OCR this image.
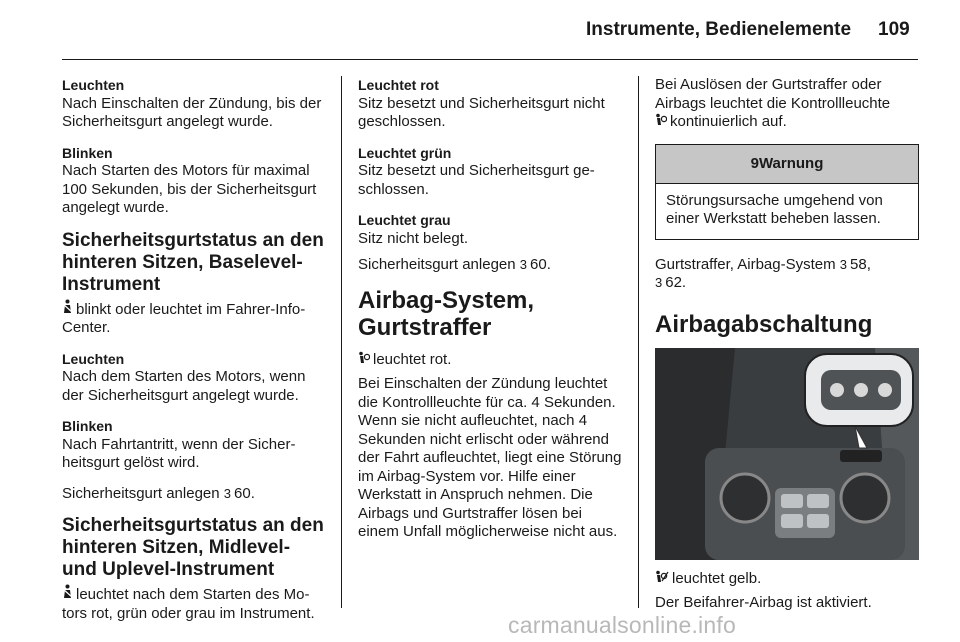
Instrumente, Bedienelemente 109
Leuchten
Nach Einschalten der Zündung, bis der Sicherheitsgurt angelegt wurde.
Blinken
Nach Starten des Motors für maximal 100 Sekunden, bis der Sicherheitsgurt angelegt wurde.
Sicherheitsgurtstatus an den hinteren Sitzen, Baselevel-Instrument
blinkt oder leuchtet im Fahrer-Info-Center.
Leuchten
Nach dem Starten des Motors, wenn der Sicherheitsgurt angelegt wurde.
Blinken
Nach Fahrtantritt, wenn der Sicherheitsgurt gelöst wird.
Sicherheitsgurt anlegen 3 60.
Sicherheitsgurtstatus an den hinteren Sitzen, Midlevel- und Uplevel-Instrument
leuchtet nach dem Starten des Motors rot, grün oder grau im Instrument.
Leuchtet rot
Sitz besetzt und Sicherheitsgurt nicht geschlossen.
Leuchtet grün
Sitz besetzt und Sicherheitsgurt geschlossen.
Leuchtet grau
Sitz nicht belegt.
Sicherheitsgurt anlegen 3 60.
Airbag-System, Gurtstraffer
leuchtet rot.
Bei Einschalten der Zündung leuchtet die Kontrollleuchte für ca. 4 Sekunden. Wenn sie nicht aufleuchtet, nach 4 Sekunden nicht erlischt oder während der Fahrt aufleuchtet, liegt eine Störung im Airbag-System vor. Hilfe einer Werkstatt in Anspruch nehmen. Die Airbags und Gurtstraffer lösen bei einem Unfall möglicherweise nicht aus.
Bei Auslösen der Gurtstraffer oder Airbags leuchtet die Kontrollleuchte
kontinuierlich auf.
9Warnung
Störungsursache umgehend von einer Werkstatt beheben lassen.
Gurtstraffer, Airbag-System 3 58,
3 62.
Airbagabschaltung
leuchtet gelb.
Der Beifahrer-Airbag ist aktiviert.
carmanualsonline.info
